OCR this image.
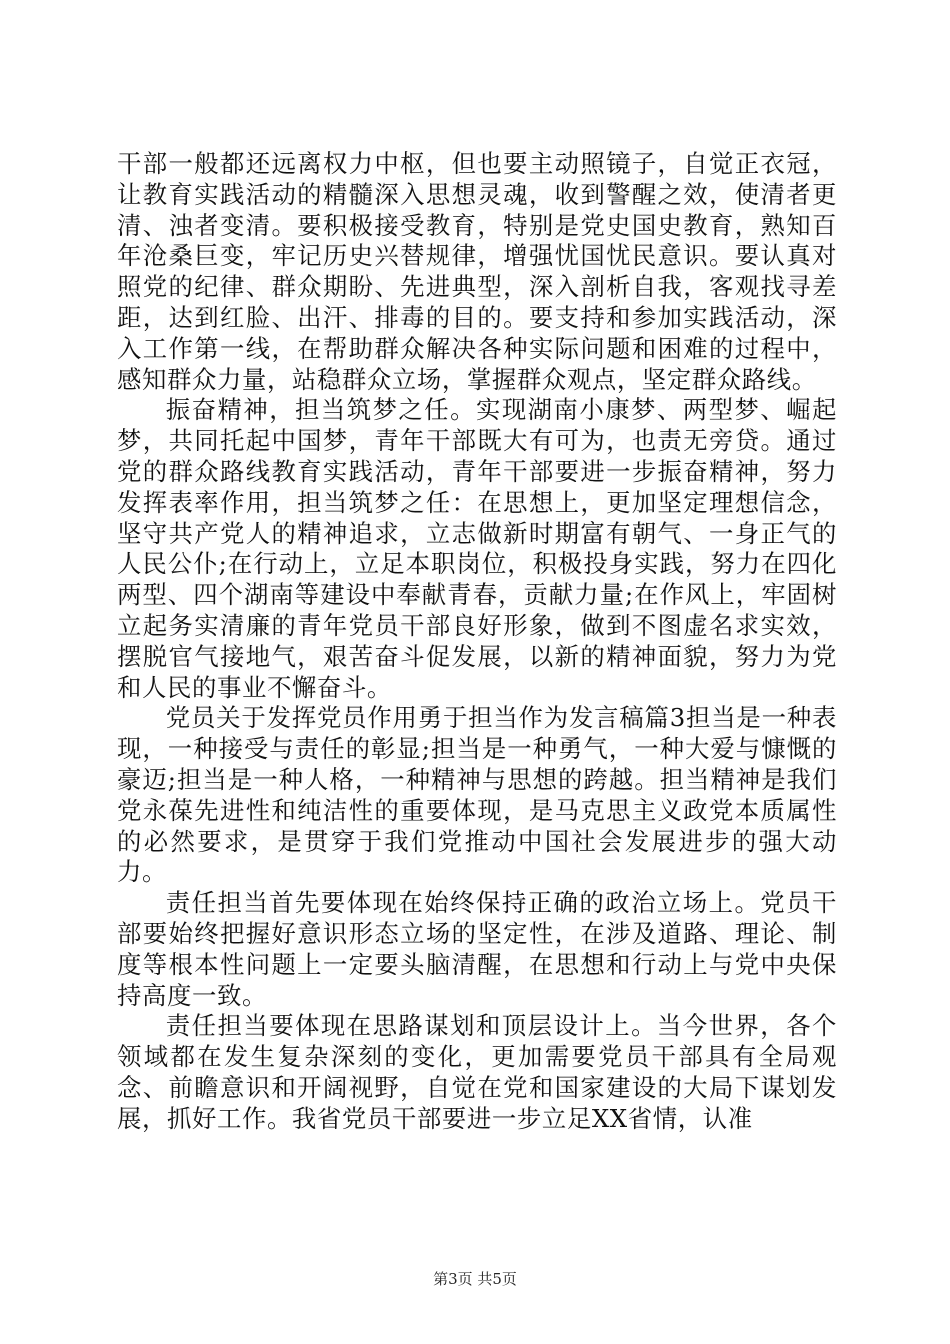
干部一般都还远离权力中枢，但也要主动照镜子，自觉正衣冠，让教育实践活动的精髓深入思想灵魂，收到警醒之效，使清者更清、浊者变清。要积极接受教育，特别是党史国史教育，熟知百年沧桑巨变，牢记历史兴替规律，增强忧国忧民意识。要认真对照党的纪律、群众期盼、先进典型，深入剖析自我，客观找寻差距，达到红脸、出汗、排毒的目的。要支持和参加实践活动，深入工作第一线，在帮助群众解决各种实际问题和困难的过程中，感知群众力量，站稳群众立场，掌握群众观点，坚定群众路线。

振奋精神，担当筑梦之任。实现湖南小康梦、两型梦、崛起梦，共同托起中国梦，青年干部既大有可为，也责无旁贷。通过党的群众路线教育实践活动，青年干部要进一步振奋精神，努力发挥表率作用，担当筑梦之任：在思想上，更加坚定理想信念，坚守共产党人的精神追求，立志做新时期富有朝气、一身正气的人民公仆;在行动上，立足本职岗位，积极投身实践，努力在四化两型、四个湖南等建设中奉献青春，贡献力量;在作风上，牢固树立起务实清廉的青年党员干部良好形象，做到不图虚名求实效，摆脱官气接地气，艰苦奋斗促发展，以新的精神面貌，努力为党和人民的事业不懈奋斗。

党员关于发挥党员作用勇于担当作为发言稿篇3担当是一种表现，一种接受与责任的彰显;担当是一种勇气，一种大爱与慷慨的豪迈;担当是一种人格，一种精神与思想的跨越。担当精神是我们党永葆先进性和纯洁性的重要体现，是马克思主义政党本质属性的必然要求，是贯穿于我们党推动中国社会发展进步的强大动力。

责任担当首先要体现在始终保持正确的政治立场上。党员干部要始终把握好意识形态立场的坚定性，在涉及道路、理论、制度等根本性问题上一定要头脑清醒，在思想和行动上与党中央保持高度一致。

责任担当要体现在思路谋划和顶层设计上。当今世界，各个领域都在发生复杂深刻的变化，更加需要党员干部具有全局观念、前瞻意识和开阔视野，自觉在党和国家建设的大局下谋划发展，抓好工作。我省党员干部要进一步立足XX省情，认准

第3页 共5页
